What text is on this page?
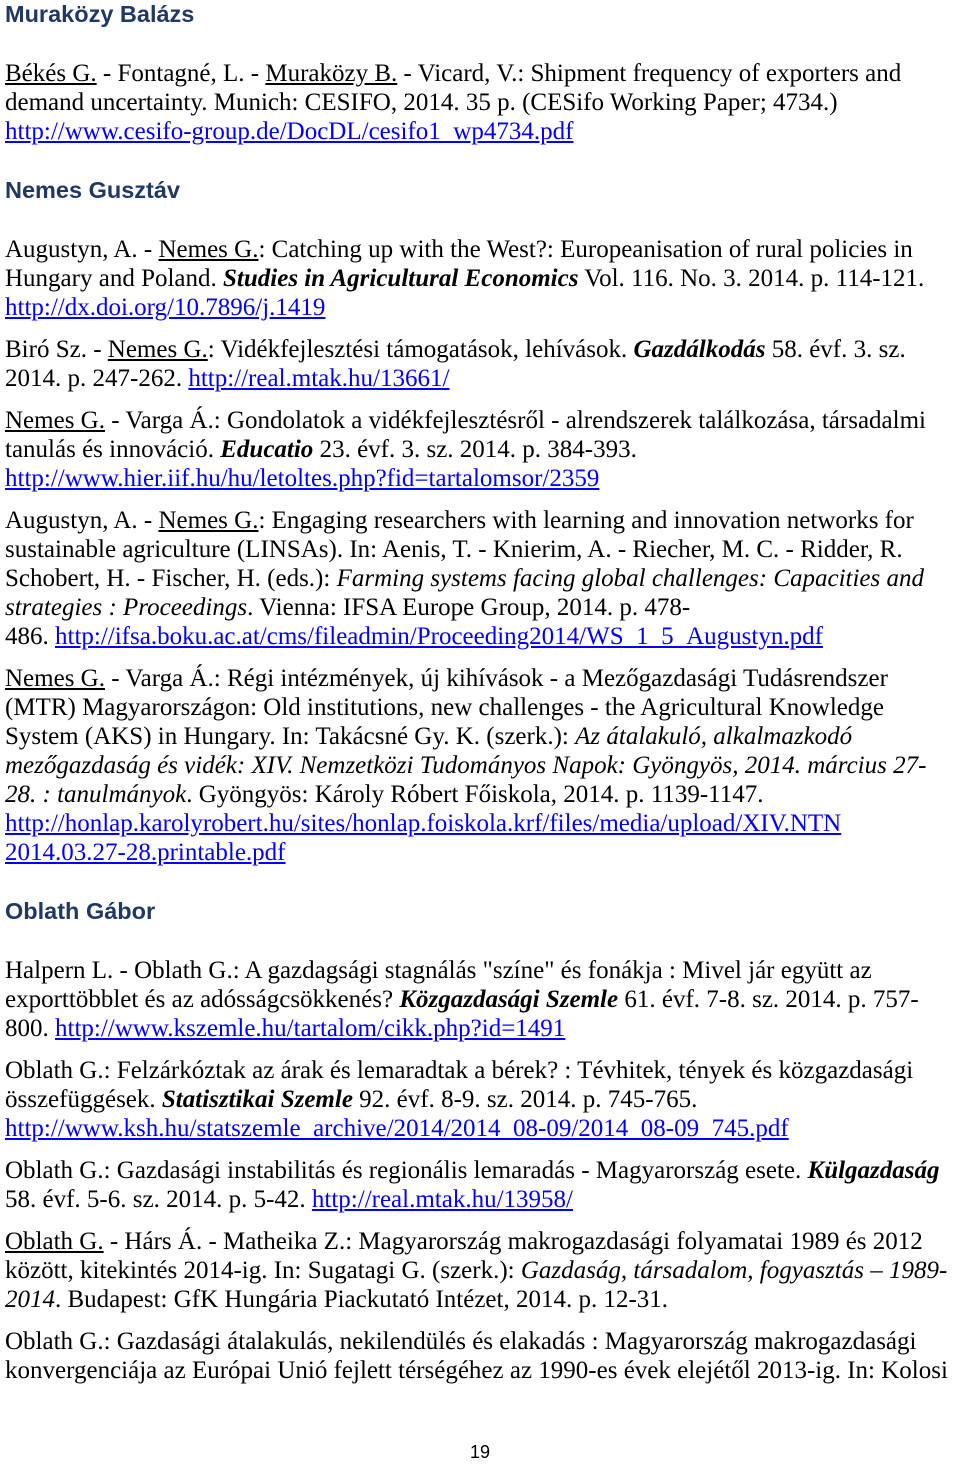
Muraközy Balázs
Békés G. - Fontagné, L. - Muraközy B. - Vicard, V.: Shipment frequency of exporters and
demand uncertainty. Munich: CESIFO, 2014. 35 p. (CESifo Working Paper; 4734.)
http://www.cesifo-group.de/DocDL/cesifo1_wp4734.pdf
Nemes Gusztáv
Augustyn, A. - Nemes G.: Catching up with the West?: Europeanisation of rural policies in
Hungary and Poland. Studies in Agricultural Economics Vol. 116. No. 3. 2014. p. 114-121.
http://dx.doi.org/10.7896/j.1419
Biró Sz. - Nemes G.: Vidékfejlesztési támogatások, lehívások. Gazdálkodás 58. évf. 3. sz.
2014. p. 247-262. http://real.mtak.hu/13661/
Nemes G. - Varga Á.: Gondolatok a vidékfejlesztésről - alrendszerek találkozása, társadalmi
tanulás és innováció. Educatio 23. évf. 3. sz. 2014. p. 384-393.
http://www.hier.iif.hu/hu/letoltes.php?fid=tartalomsor/2359
Augustyn, A. - Nemes G.: Engaging researchers with learning and innovation networks for
sustainable agriculture (LINSAs). In: Aenis, T. - Knierim, A. - Riecher, M. C. - Ridder, R.
Schobert, H. - Fischer, H. (eds.): Farming systems facing global challenges: Capacities and
strategies : Proceedings. Vienna: IFSA Europe Group, 2014. p. 478-
486. http://ifsa.boku.ac.at/cms/fileadmin/Proceeding2014/WS_1_5_Augustyn.pdf
Nemes G. - Varga Á.: Régi intézmények, új kihívások - a Mezőgazdasági Tudásrendszer
(MTR) Magyarországon: Old institutions, new challenges - the Agricultural Knowledge
System (AKS) in Hungary. In: Takácsné Gy. K. (szerk.): Az átalakuló, alkalmazkodó
mezőgazdaság és vidék: XIV. Nemzetközi Tudományos Napok: Gyöngyös, 2014. március 27-
28. : tanulmányok. Gyöngyös: Károly Róbert Főiskola, 2014. p. 1139-1147.
http://honlap.karolyrobert.hu/sites/honlap.foiskola.krf/files/media/upload/XIV.NTN
2014.03.27-28.printable.pdf
Oblath Gábor
Halpern L. - Oblath G.: A gazdagsági stagnálás "színe" és fonákja : Mivel jár együtt az
exporttöbblet és az adósságcsökkenés? Közgazdasági Szemle 61. évf. 7-8. sz. 2014. p. 757-
800. http://www.kszemle.hu/tartalom/cikk.php?id=1491
Oblath G.: Felzárkóztak az árak és lemaradtak a bérek? : Tévhitek, tények és közgazdasági
összefüggések. Statisztikai Szemle 92. évf. 8-9. sz. 2014. p. 745-765.
http://www.ksh.hu/statszemle_archive/2014/2014_08-09/2014_08-09_745.pdf
Oblath G.: Gazdasági instabilitás és regionális lemaradás - Magyarország esete. Külgazdaság
58. évf. 5-6. sz. 2014. p. 5-42. http://real.mtak.hu/13958/
Oblath G. - Hárs Á. - Matheika Z.: Magyarország makrogazdasági folyamatai 1989 és 2012
között, kitekintés 2014-ig. In: Sugatagi G. (szerk.): Gazdaság, társadalom, fogyasztás – 1989-
2014. Budapest: GfK Hungária Piackutató Intézet, 2014. p. 12-31.
Oblath G.: Gazdasági átalakulás, nekilendülés és elakadás : Magyarország makrogazdasági
konvergenciája az Európai Unió fejlett térségéhez az 1990-es évek elejétől 2013-ig. In: Kolosi
19
